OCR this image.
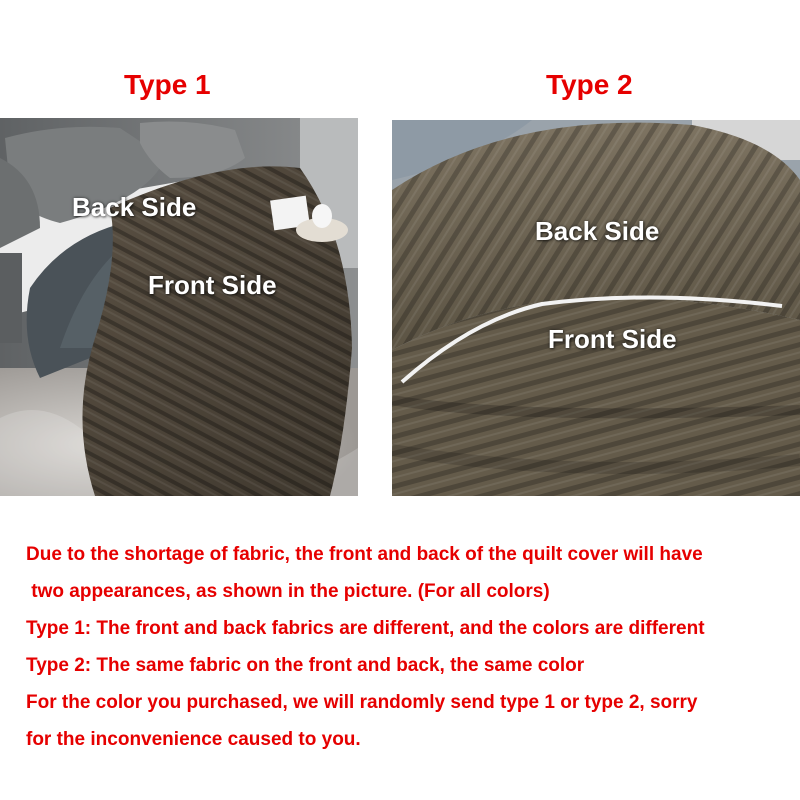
Type 1	Type 2
Back Side
Front Side
Back Side
Front Side

Due to the shortage of fabric, the front and back of the quilt cover will have

two appearances, as shown in the picture. (For all colors)

Type 1: The front and back fabrics are different, and the colors are different

Type 2: The same fabric on the front and back, the same color

For the color you purchased, we will randomly send type 1 or type 2, sorry

for the inconvenience caused to you.
